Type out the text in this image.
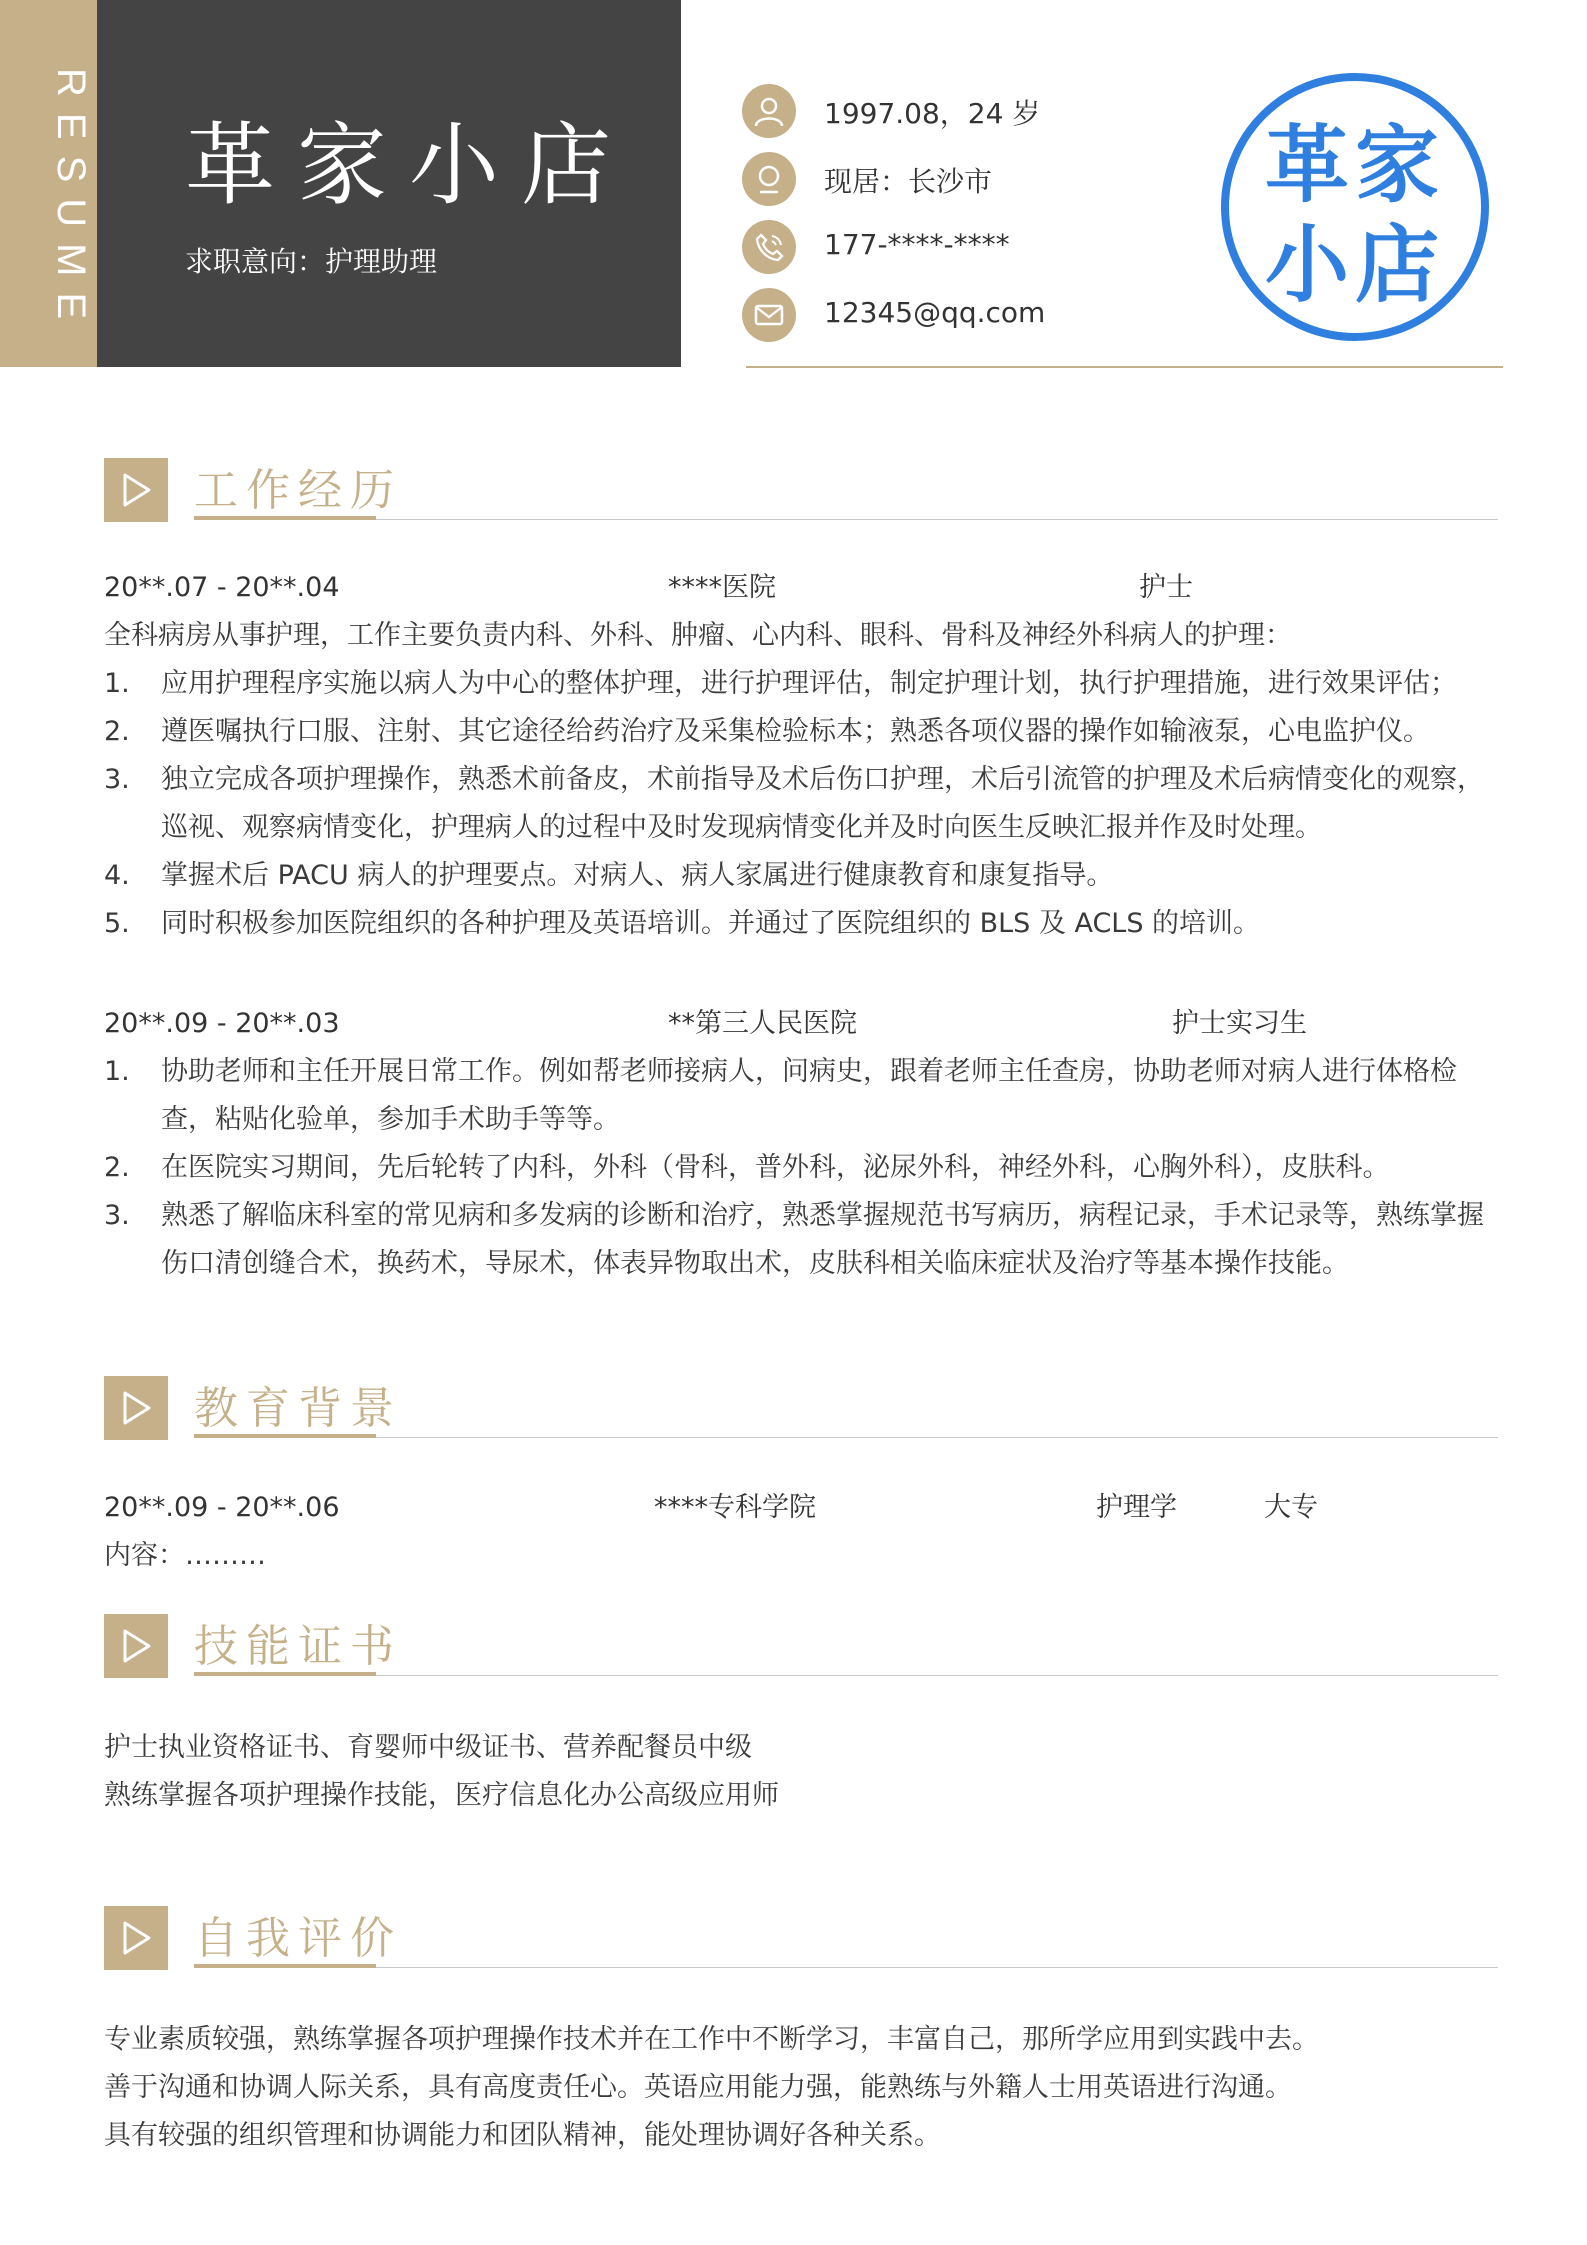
RESUME 革家小店
求职意向：护理助理
1997.08，24 岁
现居：长沙市
177-****-****
12345@qq.com
革家
小店
工作经历
20**.07 - 20**.04	****医院	护士
全科病房从事护理，工作主要负责内科、外科、肿瘤、心内科、眼科、骨科及神经外科病人的护理：
1. 应用护理程序实施以病人为中心的整体护理，进行护理评估，制定护理计划，执行护理措施，进行效果评估；
2. 遵医嘱执行口服、注射、其它途径给药治疗及采集检验标本；熟悉各项仪器的操作如输液泵，心电监护仪。
3. 独立完成各项护理操作，熟悉术前备皮，术前指导及术后伤口护理，术后引流管的护理及术后病情变化的观察，巡视、观察病情变化，护理病人的过程中及时发现病情变化并及时向医生反映汇报并作及时处理。
4. 掌握术后 PACU 病人的护理要点。对病人、病人家属进行健康教育和康复指导。
5. 同时积极参加医院组织的各种护理及英语培训。并通过了医院组织的 BLS 及 ACLS 的培训。
20**.09 - 20**.03	**第三人民医院	护士实习生
1. 协助老师和主任开展日常工作。例如帮老师接病人，问病史，跟着老师主任查房，协助老师对病人进行体格检查，粘贴化验单，参加手术助手等等。
2. 在医院实习期间，先后轮转了内科，外科（骨科，普外科，泌尿外科，神经外科，心胸外科），皮肤科。
3. 熟悉了解临床科室的常见病和多发病的诊断和治疗，熟悉掌握规范书写病历，病程记录，手术记录等，熟练掌握伤口清创缝合术，换药术，导尿术，体表异物取出术，皮肤科相关临床症状及治疗等基本操作技能。
教育背景
20**.09 - 20**.06	****专科学院	护理学	大专
内容：………
技能证书
护士执业资格证书、育婴师中级证书、营养配餐员中级
熟练掌握各项护理操作技能，医疗信息化办公高级应用师
自我评价
专业素质较强，熟练掌握各项护理操作技术并在工作中不断学习，丰富自己，那所学应用到实践中去。
善于沟通和协调人际关系，具有高度责任心。英语应用能力强，能熟练与外籍人士用英语进行沟通。
具有较强的组织管理和协调能力和团队精神，能处理协调好各种关系。
